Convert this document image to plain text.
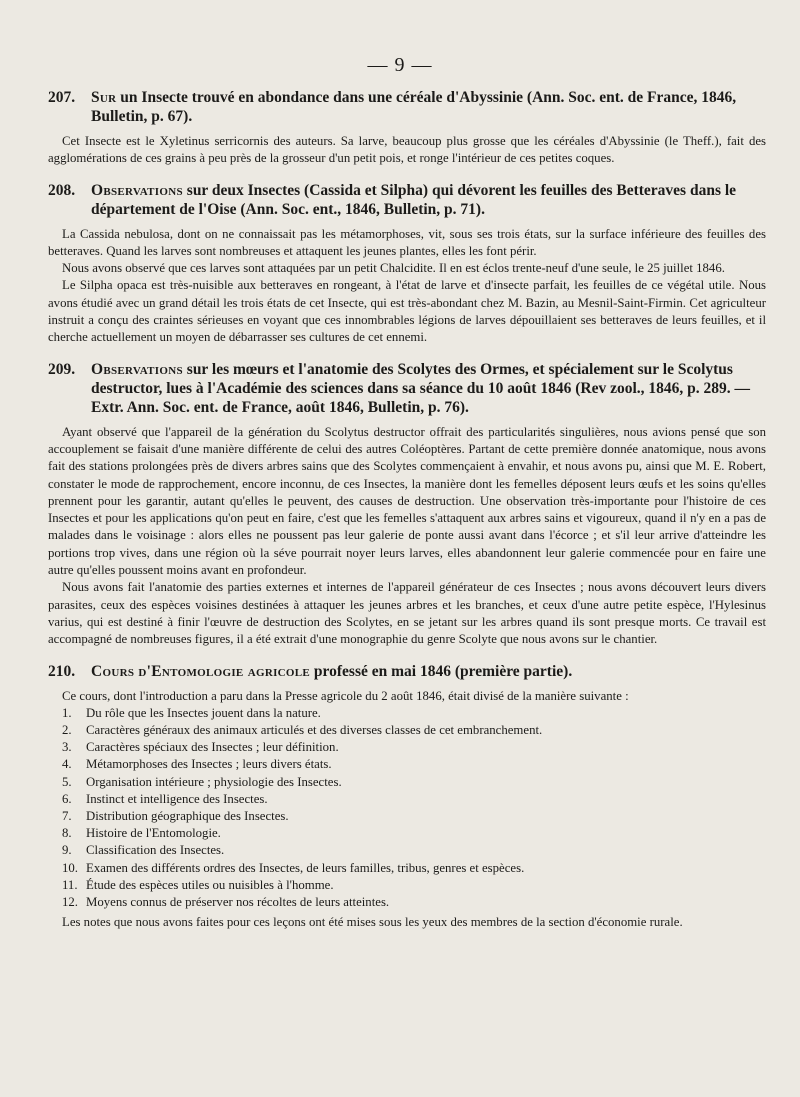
— 9 —
207. Sur un Insecte trouvé en abondance dans une céréale d'Abyssinie (Ann. Soc. ent. de France, 1846, Bulletin, p. 67).

Cet Insecte est le Xyletinus serricornis des auteurs. Sa larve, beaucoup plus grosse que les céréales d'Abyssinie (le Theff.), fait des agglomérations de ces grains à peu près de la grosseur d'un petit pois, et ronge l'intérieur de ces petites coques.

208. Observations sur deux Insectes (Cassida et Silpha) qui dévorent les feuilles des Betteraves dans le département de l'Oise (Ann. Soc. ent., 1846, Bulletin, p. 71).

La Cassida nebulosa, dont on ne connaissait pas les métamorphoses, vit, sous ses trois états, sur la surface inférieure des feuilles des betteraves. Quand les larves sont nombreuses et attaquent les jeunes plantes, elles les font périr.

Nous avons observé que ces larves sont attaquées par un petit Chalcidite. Il en est éclos trente-neuf d'une seule, le 25 juillet 1846.

Le Silpha opaca est très-nuisible aux betteraves en rongeant, à l'état de larve et d'insecte parfait, les feuilles de ce végétal utile. Nous avons étudié avec un grand détail les trois états de cet Insecte, qui est très-abondant chez M. Bazin, au Mesnil-Saint-Firmin. Cet agriculteur instruit a conçu des craintes sérieuses en voyant que ces innombrables légions de larves dépouillaient ses betteraves de leurs feuilles, et il cherche actuellement un moyen de débarrasser ses cultures de cet ennemi.

209. Observations sur les mœurs et l'anatomie des Scolytes des Ormes, et spécialement sur le Scolytus destructor, lues à l'Académie des sciences dans sa séance du 10 août 1846 (Rev zool., 1846, p. 289. — Extr. Ann. Soc. ent. de France, août 1846, Bulletin, p. 76).

Ayant observé que l'appareil de la génération du Scolytus destructor offrait des particularités singulières, nous avions pensé que son accouplement se faisait d'une manière différente de celui des autres Coléoptères. Partant de cette première donnée anatomique, nous avons fait des stations prolongées près de divers arbres sains que des Scolytes commençaient à envahir, et nous avons pu, ainsi que M. E. Robert, constater le mode de rapprochement, encore inconnu, de ces Insectes, la manière dont les femelles déposent leurs œufs et les soins qu'elles prennent pour les garantir, autant qu'elles le peuvent, des causes de destruction. Une observation très-importante pour l'histoire de ces Insectes et pour les applications qu'on peut en faire, c'est que les femelles s'attaquent aux arbres sains et vigoureux, quand il n'y en a pas de malades dans le voisinage : alors elles ne poussent pas leur galerie de ponte aussi avant dans l'écorce ; et s'il leur arrive d'atteindre les portions trop vives, dans une région où la séve pourrait noyer leurs larves, elles abandonnent leur galerie commencée pour en faire une autre qu'elles poussent moins avant en profondeur.

Nous avons fait l'anatomie des parties externes et internes de l'appareil générateur de ces Insectes ; nous avons découvert leurs divers parasites, ceux des espèces voisines destinées à attaquer les jeunes arbres et les branches, et ceux d'une autre petite espèce, l'Hylesinus varius, qui est destiné à finir l'œuvre de destruction des Scolytes, en se jetant sur les arbres quand ils sont presque morts. Ce travail est accompagné de nombreuses figures, il a été extrait d'une monographie du genre Scolyte que nous avons sur le chantier.

210. Cours d'Entomologie agricole professé en mai 1846 (première partie).

Ce cours, dont l'introduction a paru dans la Presse agricole du 2 août 1846, était divisé de la manière suivante :

1. Du rôle que les Insectes jouent dans la nature.
2. Caractères généraux des animaux articulés et des diverses classes de cet embranchement.
3. Caractères spéciaux des Insectes ; leur définition.
4. Métamorphoses des Insectes ; leurs divers états.
5. Organisation intérieure ; physiologie des Insectes.
6. Instinct et intelligence des Insectes.
7. Distribution géographique des Insectes.
8. Histoire de l'Entomologie.
9. Classification des Insectes.
10. Examen des différents ordres des Insectes, de leurs familles, tribus, genres et espèces.
11. Étude des espèces utiles ou nuisibles à l'homme.
12. Moyens connus de préserver nos récoltes de leurs atteintes.

Les notes que nous avons faites pour ces leçons ont été mises sous les yeux des membres de la section d'économie rurale.
